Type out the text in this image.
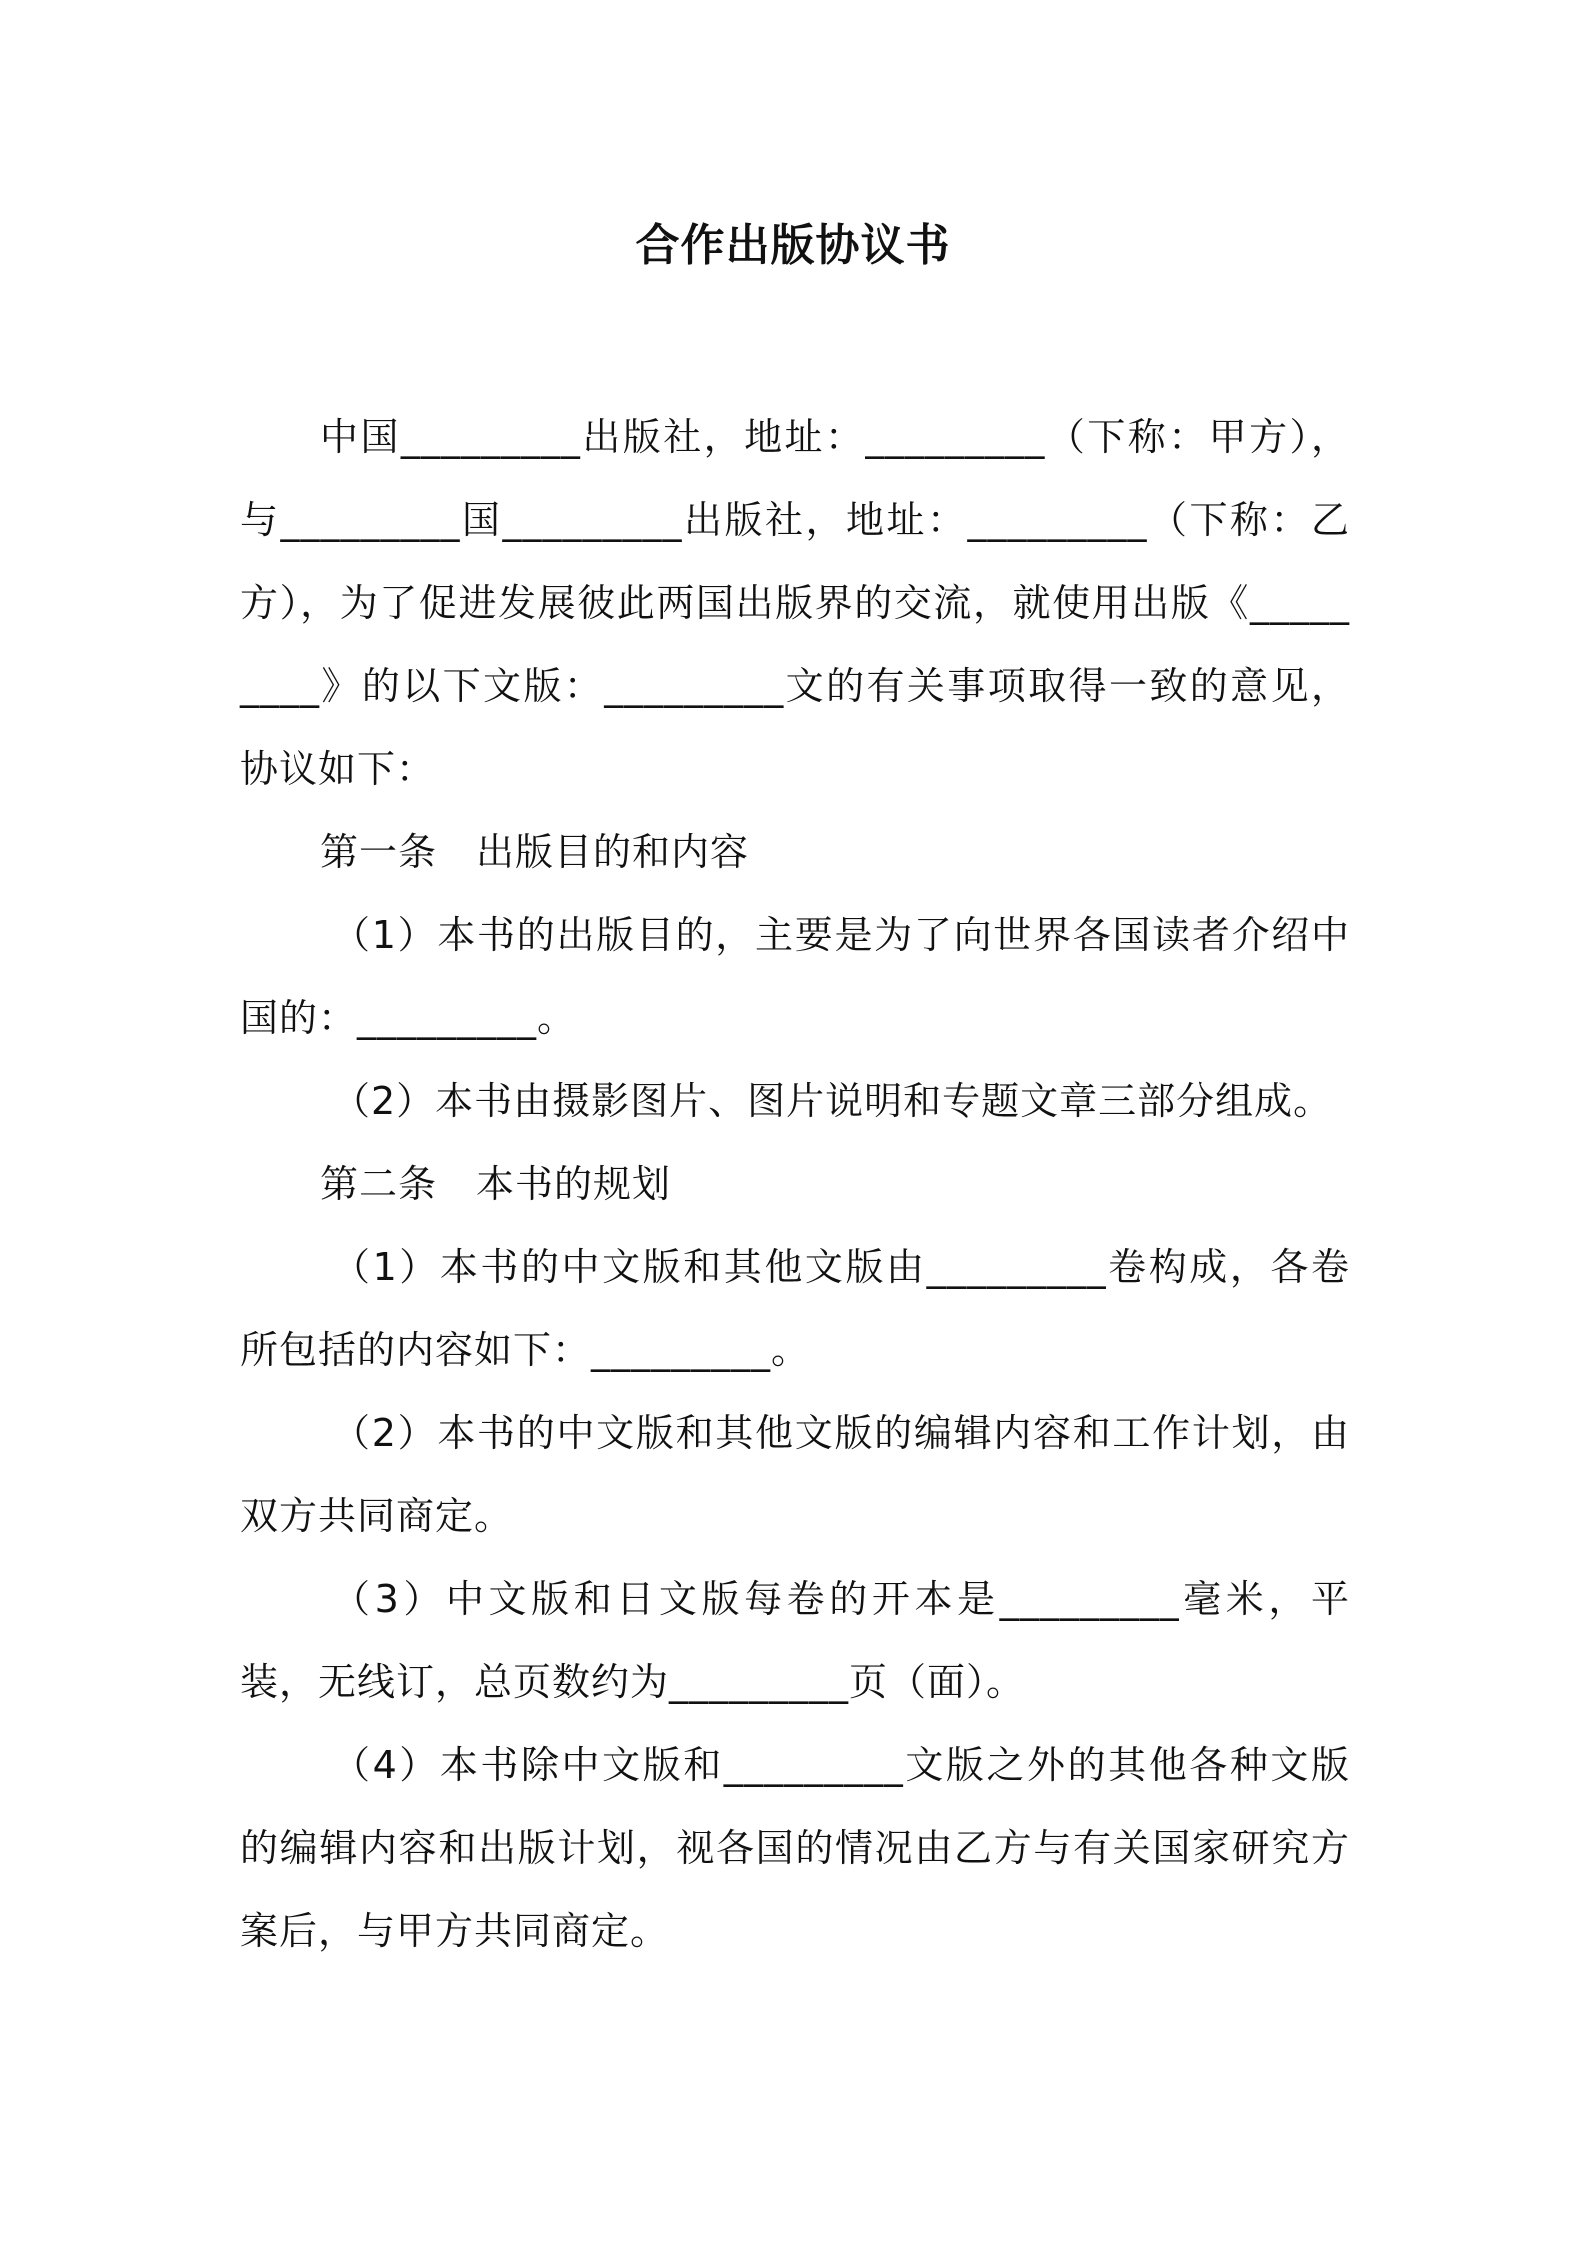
合作出版协议书

中国_________出版社，地址：_________（下称：甲方），与_________国_________出版社，地址：_________（下称：乙方），为了促进发展彼此两国出版界的交流，就使用出版《_________》的以下文版：_________文的有关事项取得一致的意见，协议如下：

第一条　出版目的和内容

（1）本书的出版目的，主要是为了向世界各国读者介绍中国的：_________。

（2）本书由摄影图片、图片说明和专题文章三部分组成。

第二条　本书的规划

（1）本书的中文版和其他文版由_________卷构成，各卷所包括的内容如下：_________。

（2）本书的中文版和其他文版的编辑内容和工作计划，由双方共同商定。

（3）中文版和日文版每卷的开本是_________毫米，平装，无线订，总页数约为_________页（面）。

（4）本书除中文版和_________文版之外的其他各种文版的编辑内容和出版计划，视各国的情况由乙方与有关国家研究方案后，与甲方共同商定。
